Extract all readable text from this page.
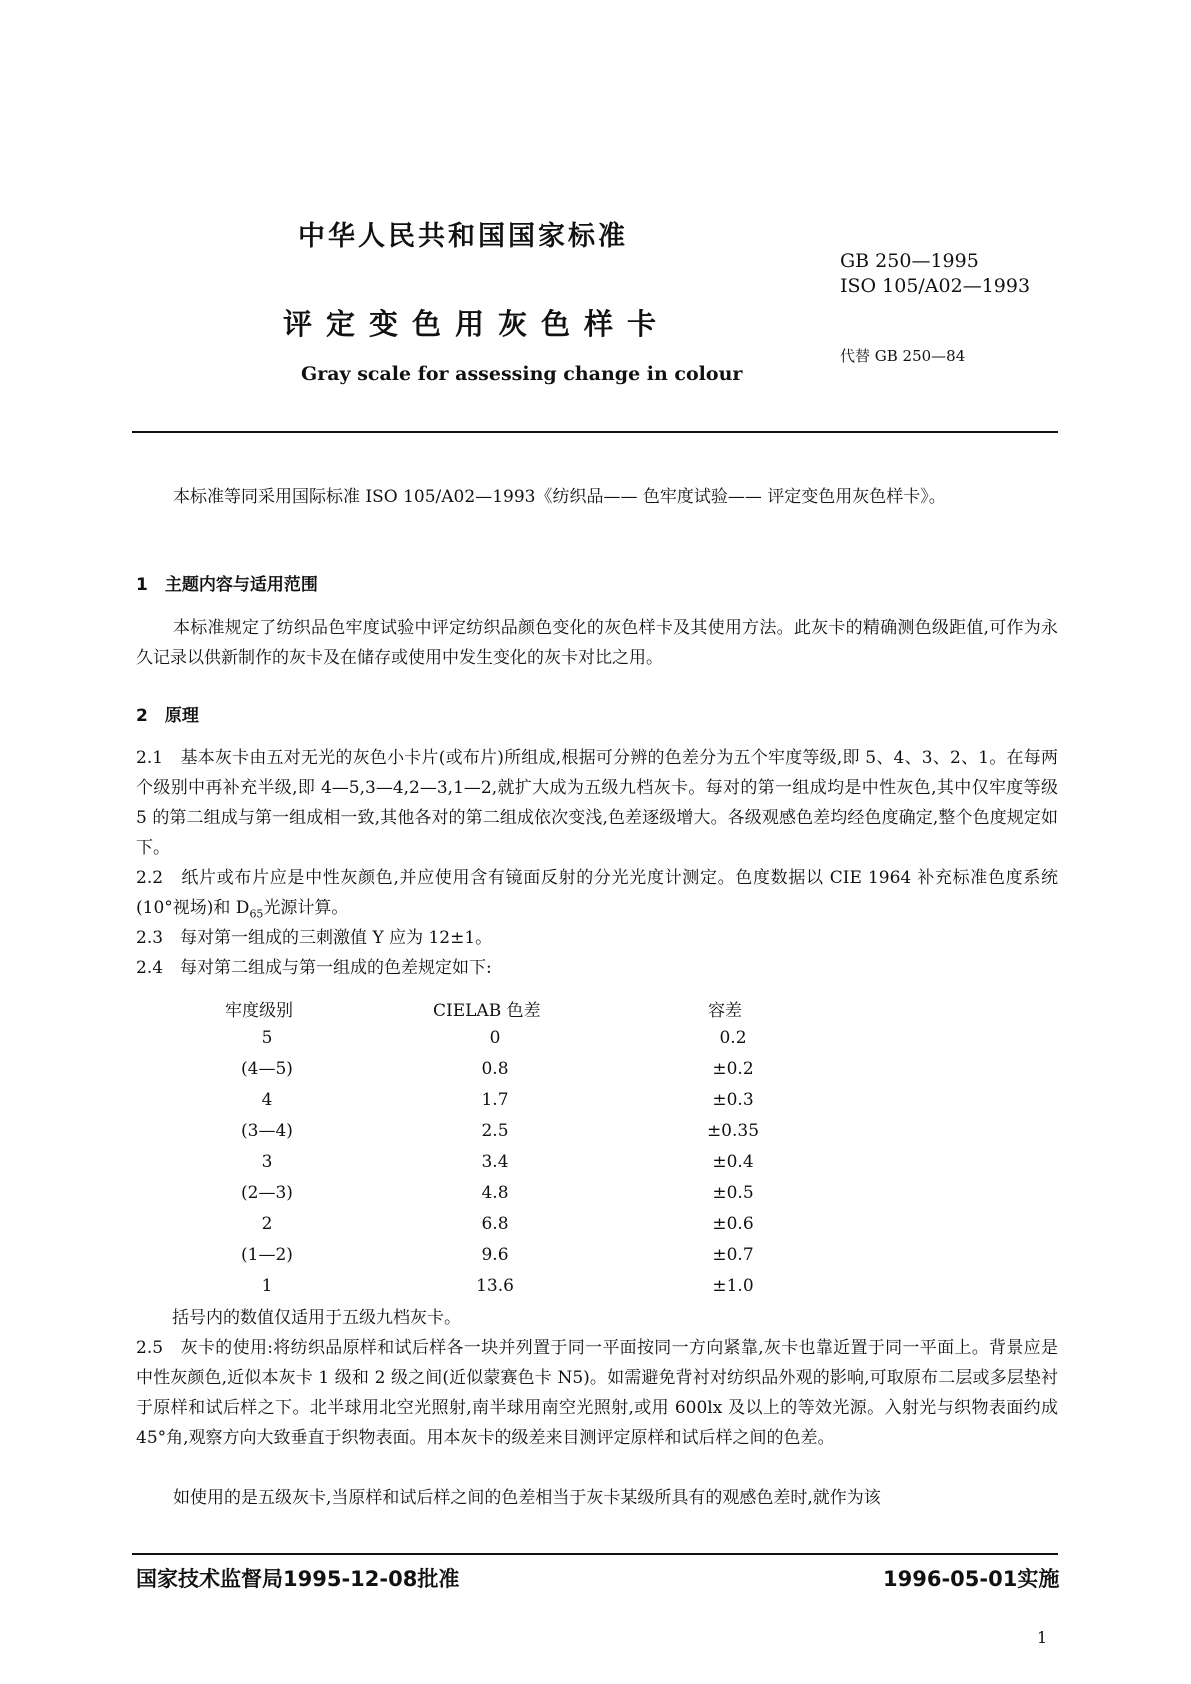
中华人民共和国国家标准
评定变色用灰色样卡
Gray scale for assessing change in colour
GB 250—1995
ISO 105/A02—1993
代替 GB 250—84
本标准等同采用国际标准 ISO 105/A02—1993《纺织品—— 色牢度试验—— 评定变色用灰色样卡》。
1　主题内容与适用范围
本标准规定了纺织品色牢度试验中评定纺织品颜色变化的灰色样卡及其使用方法。此灰卡的精确测色级距值,可作为永久记录以供新制作的灰卡及在储存或使用中发生变化的灰卡对比之用。
2　原理
2.1　基本灰卡由五对无光的灰色小卡片(或布片)所组成,根据可分辨的色差分为五个牢度等级,即 5、4、3、2、1。在每两个级别中再补充半级,即 4—5,3—4,2—3,1—2,就扩大成为五级九档灰卡。每对的第一组成均是中性灰色,其中仅牢度等级 5 的第二组成与第一组成相一致,其他各对的第二组成依次变浅,色差逐级增大。各级观感色差均经色度确定,整个色度规定如下。
2.2　纸片或布片应是中性灰颜色,并应使用含有镜面反射的分光光度计测定。色度数据以 CIE 1964 补充标准色度系统(10°视场)和 $D_{65}$光源计算。
2.3　每对第一组成的三刺激值 Y 应为 12±1。
2.4　每对第二组成与第一组成的色差规定如下:
牢度级别	CIELAB 色差	容差
5	0	0.2
(4—5)	0.8	±0.2
4	1.7	±0.3
(3—4)	2.5	±0.35
3	3.4	±0.4
(2—3)	4.8	±0.5
2	6.8	±0.6
(1—2)	9.6	±0.7
1	13.6	±1.0
括号内的数值仅适用于五级九档灰卡。
2.5　灰卡的使用:将纺织品原样和试后样各一块并列置于同一平面按同一方向紧靠,灰卡也靠近置于同一平面上。背景应是中性灰颜色,近似本灰卡 1 级和 2 级之间(近似蒙赛色卡 N5)。如需避免背衬对纺织品外观的影响,可取原布二层或多层垫衬于原样和试后样之下。北半球用北空光照射,南半球用南空光照射,或用 600lx 及以上的等效光源。入射光与织物表面约成 45°角,观察方向大致垂直于织物表面。用本灰卡的级差来目测评定原样和试后样之间的色差。
如使用的是五级灰卡,当原样和试后样之间的色差相当于灰卡某级所具有的观感色差时,就作为该
国家技术监督局1995-12-08批准	1996-05-01实施
1
